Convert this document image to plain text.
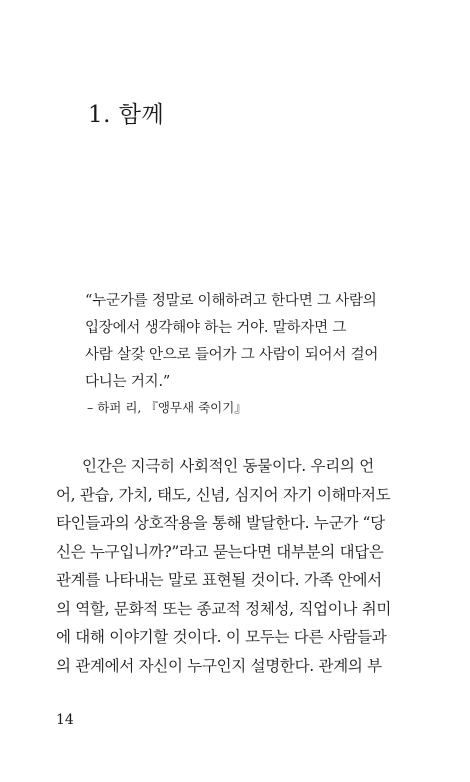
1. 함께
“누군가를 정말로 이해하려고 한다면 그 사람의
입장에서 생각해야 하는 거야. 말하자면 그
사람 살갗 안으로 들어가 그 사람이 되어서 걸어
다니는 거지.”
– 하퍼 리, 『앵무새 죽이기』
인간은 지극히 사회적인 동물이다. 우리의 언
어, 관습, 가치, 태도, 신념, 심지어 자기 이해마저도
타인들과의 상호작용을 통해 발달한다. 누군가 “당
신은 누구입니까?”라고 묻는다면 대부분의 대답은
관계를 나타내는 말로 표현될 것이다. 가족 안에서
의 역할, 문화적 또는 종교적 정체성, 직업이나 취미
에 대해 이야기할 것이다. 이 모두는 다른 사람들과
의 관계에서 자신이 누구인지 설명한다. 관계의 부
14
